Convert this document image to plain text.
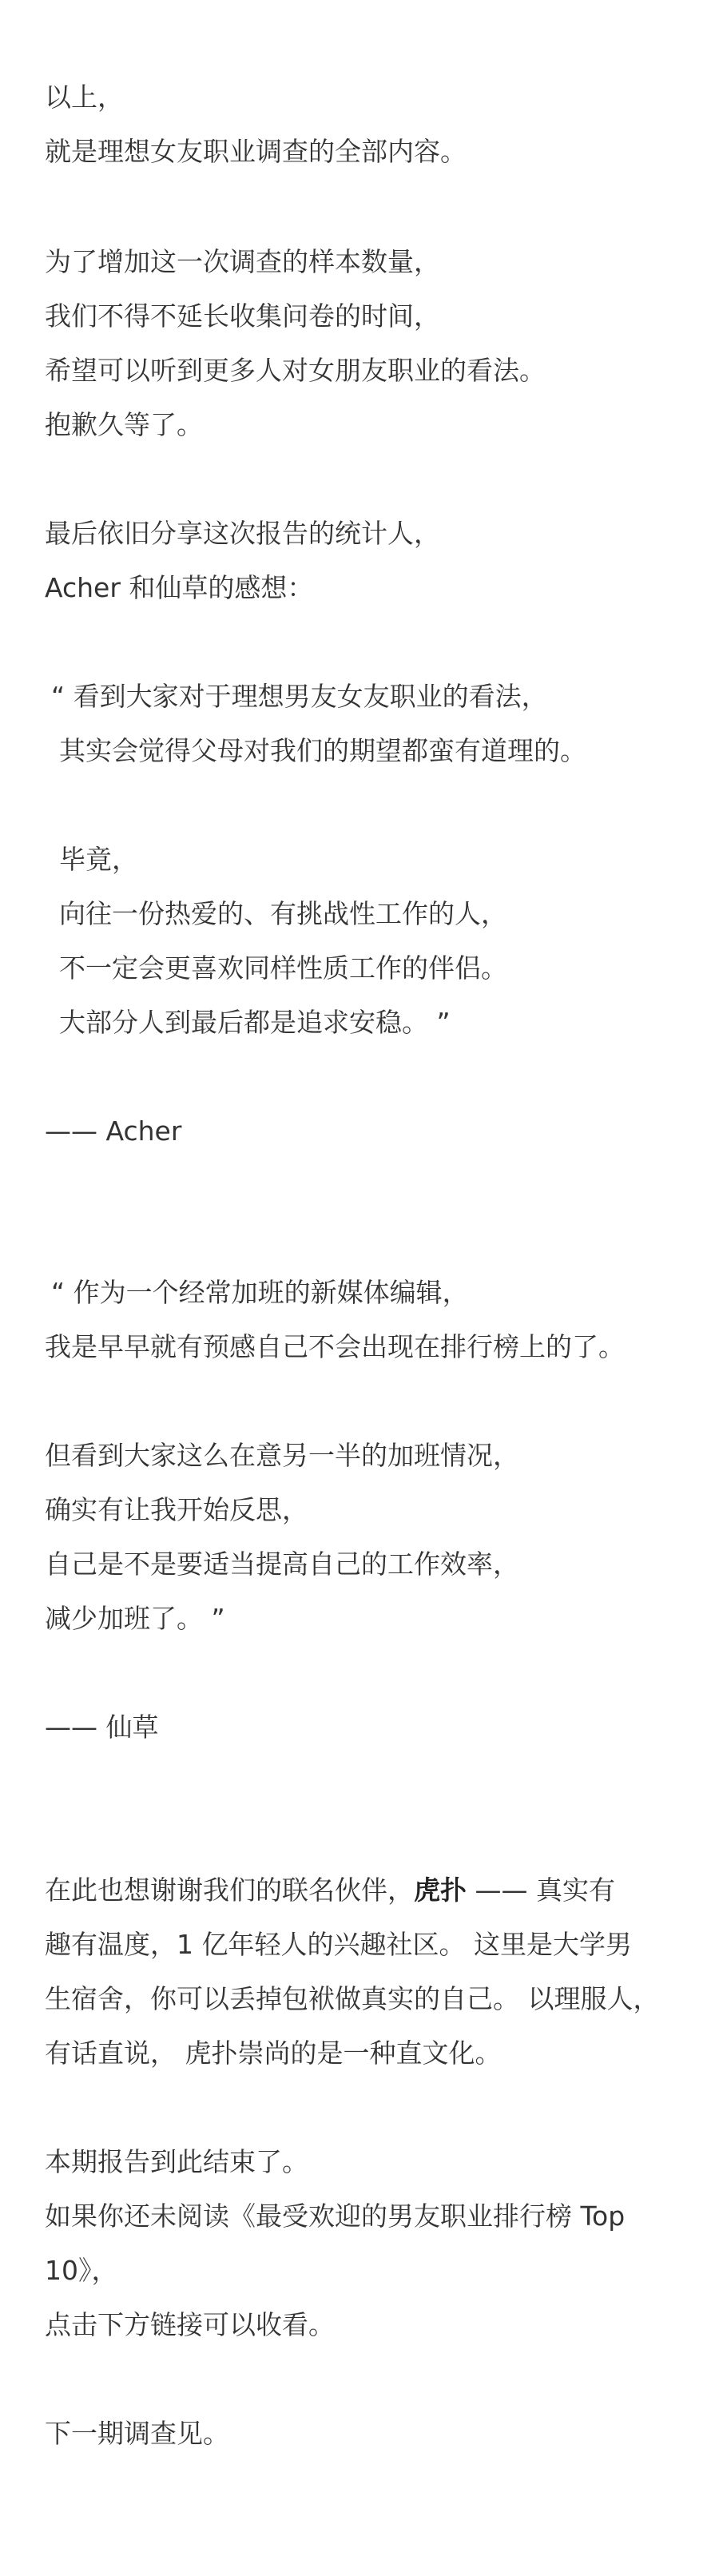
以上，
就是理想女友职业调查的全部内容。
为了增加这一次调查的样本数量，
我们不得不延长收集问卷的时间，
希望可以听到更多人对女朋友职业的看法。
抱歉久等了。
最后依旧分享这次报告的统计人，
Acher 和仙草的感想：
“ 看到大家对于理想男友女友职业的看法，
其实会觉得父母对我们的期望都蛮有道理的。
毕竟，
向往一份热爱的、有挑战性工作的人，
不一定会更喜欢同样性质工作的伴侣。
大部分人到最后都是追求安稳。 ”
—— Acher
“ 作为一个经常加班的新媒体编辑，
我是早早就有预感自己不会出现在排行榜上的了。
但看到大家这么在意另一半的加班情况，
确实有让我开始反思，
自己是不是要适当提高自己的工作效率，
减少加班了。 ”
—— 仙草
在此也想谢谢我们的联名伙伴，虎扑 —— 真实有
趣有温度，1 亿年轻人的兴趣社区。 这里是大学男
生宿舍，你可以丢掉包袱做真实的自己。 以理服人，
有话直说， 虎扑崇尚的是一种直文化。
本期报告到此结束了。
如果你还未阅读《最受欢迎的男友职业排行榜 Top
10》，
点击下方链接可以收看。
下一期调查见。
